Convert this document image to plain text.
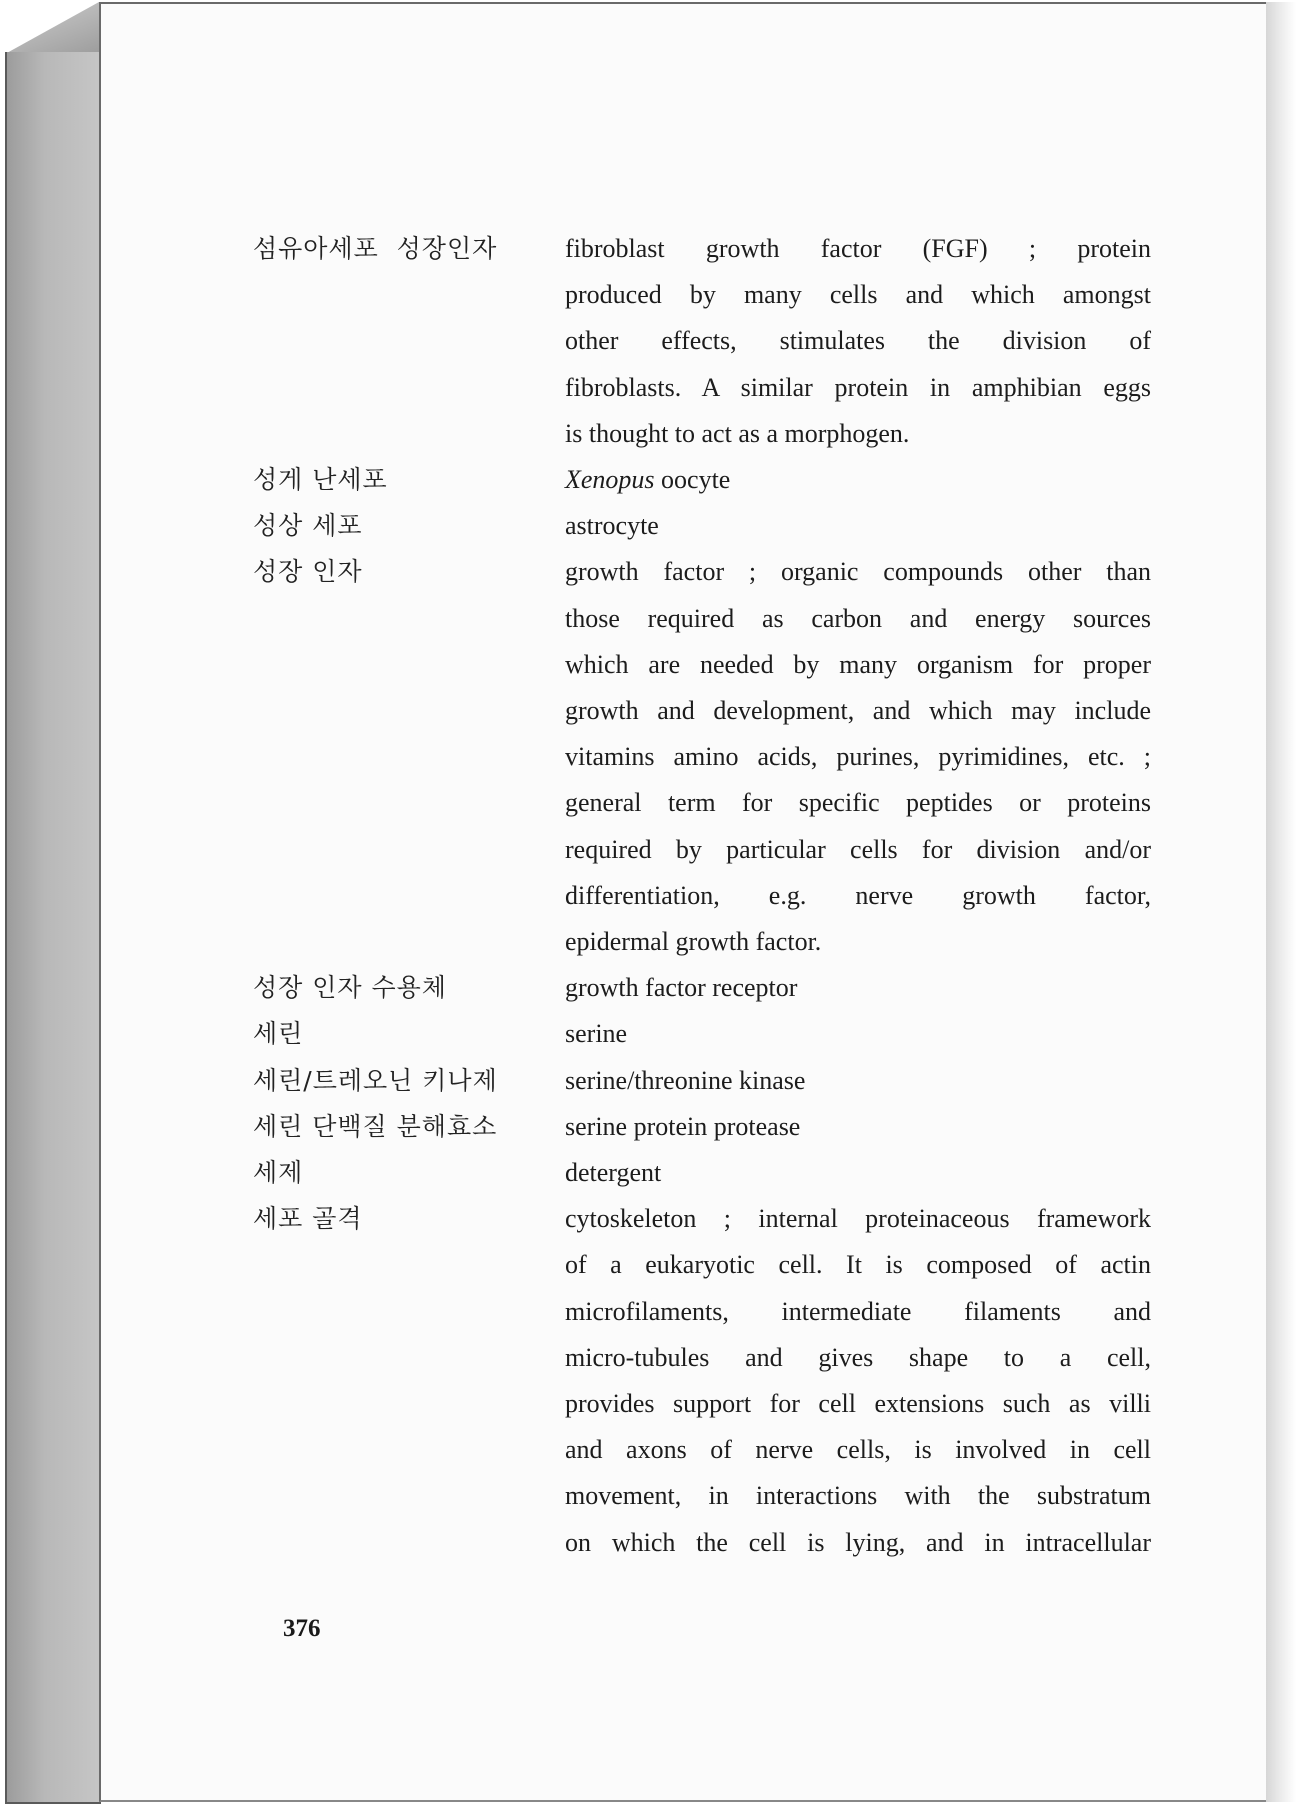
섬유아세포  성장인자	fibroblast growth factor (FGF) ; protein
produced by many cells and which amongst
other effects, stimulates the division of
fibroblasts. A similar protein in amphibian eggs
is thought to act as a morphogen.
성게 난세포	Xenopus oocyte
성상 세포	astrocyte
성장 인자	growth factor ; organic compounds other than
those required as carbon and energy sources
which are needed by many organism for proper
growth and development, and which may include
vitamins amino acids, purines, pyrimidines, etc. ;
general term for specific peptides or proteins
required by particular cells for division and/or
differentiation, e.g. nerve growth factor,
epidermal growth factor.
성장 인자 수용체	growth factor receptor
세린	serine
세린/트레오닌 키나제	serine/threonine kinase
세린 단백질 분해효소	serine protein protease
세제	detergent
세포 골격	cytoskeleton ; internal proteinaceous framework
of a eukaryotic cell. It is composed of actin
microfilaments, intermediate filaments and
micro-tubules and gives shape to a cell,
provides support for cell extensions such as villi
and axons of nerve cells, is involved in cell
movement, in interactions with the substratum
on which the cell is lying, and in intracellular
376
